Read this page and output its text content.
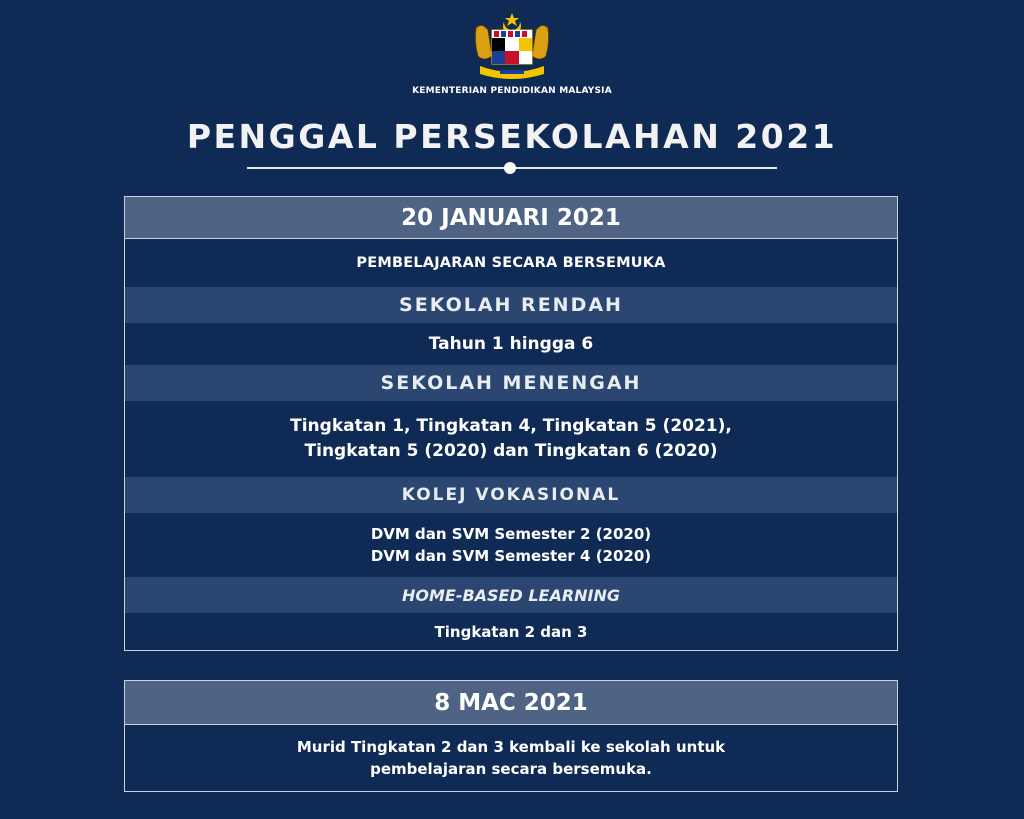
KEMENTERIAN PENDIDIKAN MALAYSIA
PENGGAL PERSEKOLAHAN 2021
20 JANUARI 2021
PEMBELAJARAN SECARA BERSEMUKA
SEKOLAH RENDAH
Tahun 1 hingga 6
SEKOLAH MENENGAH
Tingkatan 1, Tingkatan 4, Tingkatan 5 (2021),
Tingkatan 5 (2020) dan Tingkatan 6 (2020)
KOLEJ VOKASIONAL
DVM dan SVM Semester 2 (2020)
DVM dan SVM Semester 4 (2020)
HOME-BASED LEARNING
Tingkatan 2 dan 3
8 MAC 2021
Murid Tingkatan 2 dan 3 kembali ke sekolah untuk
pembelajaran secara bersemuka.
